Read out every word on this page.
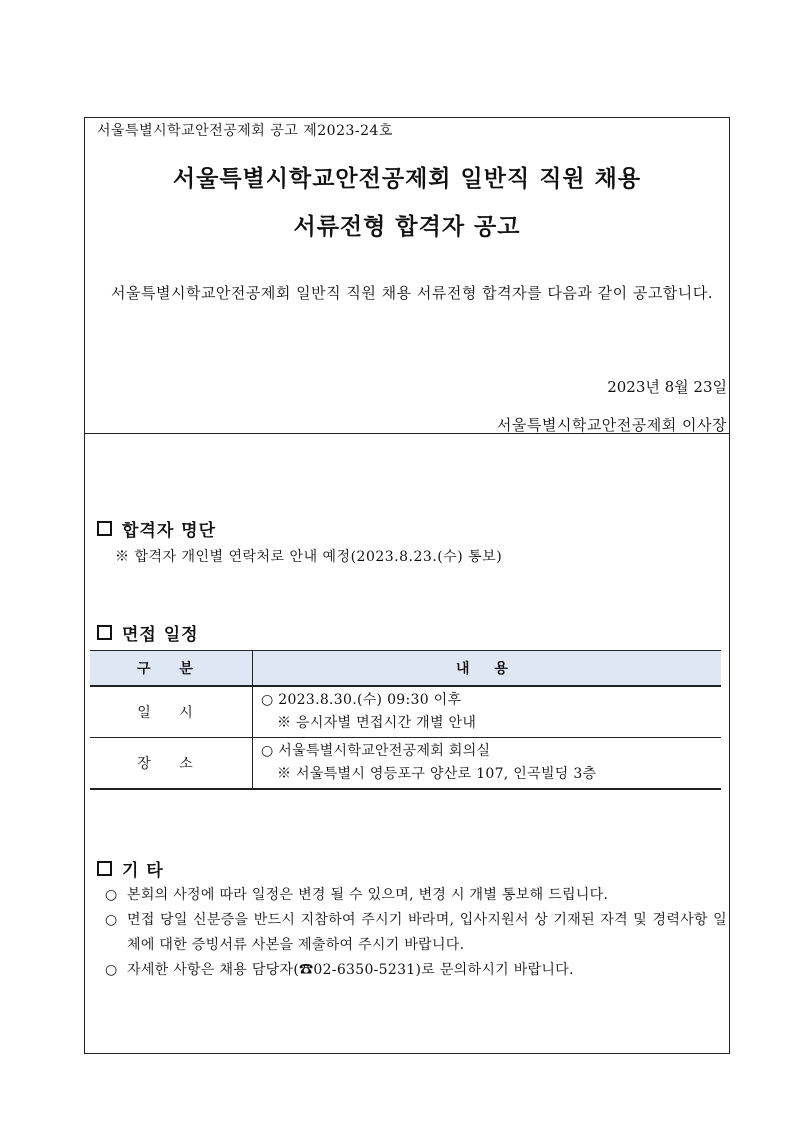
서울특별시학교안전공제회 공고 제2023-24호
서울특별시학교안전공제회 일반직 직원 채용
서류전형 합격자 공고
서울특별시학교안전공제회 일반직 직원 채용 서류전형 합격자를 다음과 같이 공고합니다.
2023년 8월 23일
서울특별시학교안전공제회 이사장
합격자 명단
※ 합격자 개인별 연락처로 안내 예정(2023.8.23.(수) 통보)
면접 일정
구 분	내 용
일 시	○ 2023.8.30.(수) 09:30 이후
※ 응시자별 면접시간 개별 안내

장 소	○ 서울특별시학교안전공제회 회의실
※ 서울특별시 영등포구 양산로 107, 인곡빌딩 3층
기 타
○ 본회의 사정에 따라 일정은 변경 될 수 있으며, 변경 시 개별 통보해 드립니다.
○ 면접 당일 신분증을 반드시 지참하여 주시기 바라며, 입사지원서 상 기재된 자격 및 경력사항 일체에 대한 증빙서류 사본을 제출하여 주시기 바랍니다.
○ 자세한 사항은 채용 담당자(☎02-6350-5231)로 문의하시기 바랍니다.
